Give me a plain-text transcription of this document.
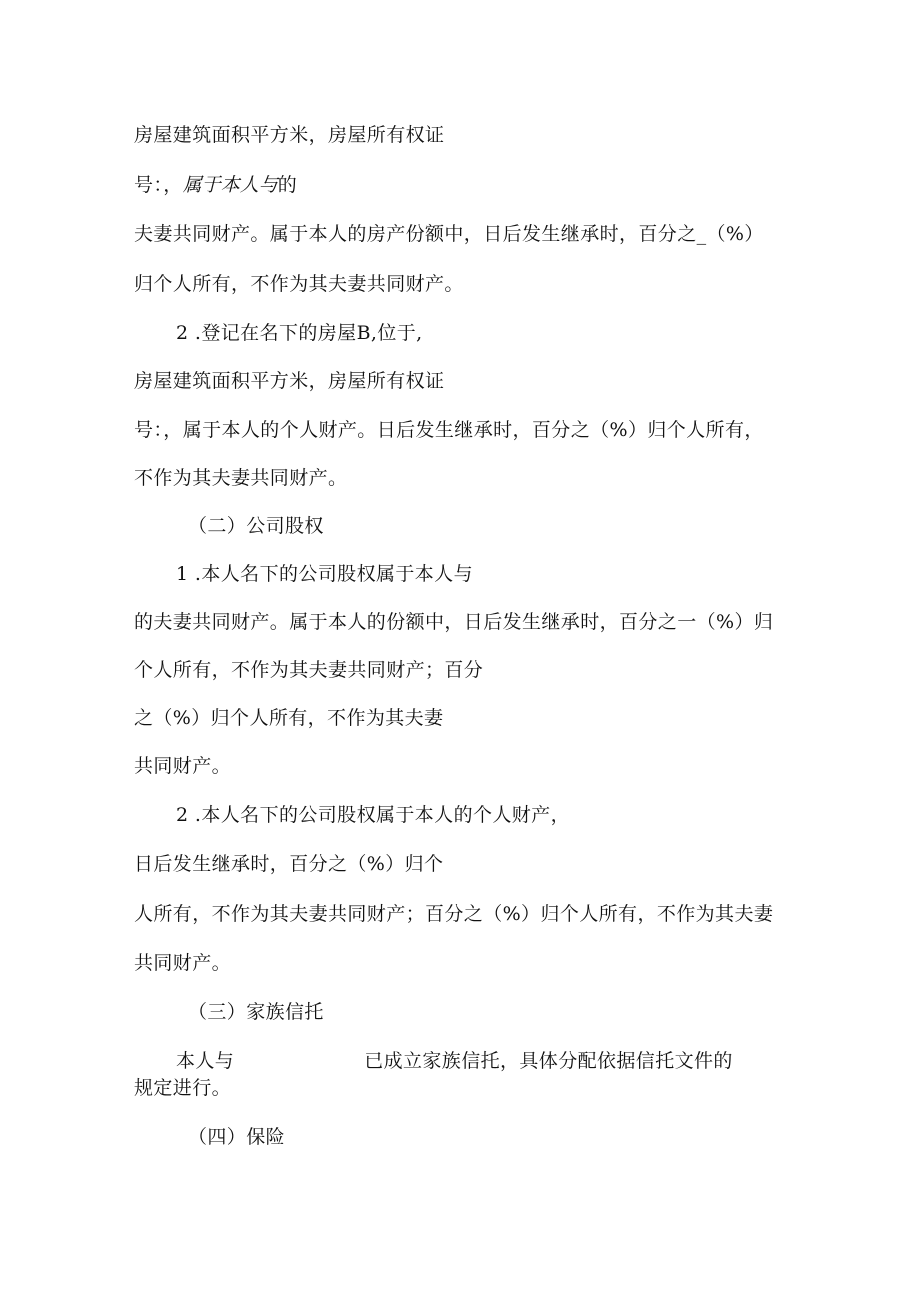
房屋建筑面积平方米，房屋所有权证
号：，属于本人与的
夫妻共同财产。属于本人的房产份额中，日后发生继承时，百分之_（%）
归个人所有，不作为其夫妻共同财产。
2 .登记在名下的房屋B,位于,
房屋建筑面积平方米，房屋所有权证
号：，属于本人的个人财产。日后发生继承时，百分之（%）归个人所有，
不作为其夫妻共同财产。
（二）公司股权
1 .本人名下的公司股权属于本人与
的夫妻共同财产。属于本人的份额中，日后发生继承时，百分之一（%）归
个人所有，不作为其夫妻共同财产；百分
之（%）归个人所有，不作为其夫妻
共同财产。
2 .本人名下的公司股权属于本人的个人财产，
日后发生继承时，百分之（%）归个
人所有，不作为其夫妻共同财产；百分之（%）归个人所有，不作为其夫妻
共同财产。
（三）家族信托
本人与	已成立家族信托，具体分配依据信托文件的
规定进行。
（四）保险
